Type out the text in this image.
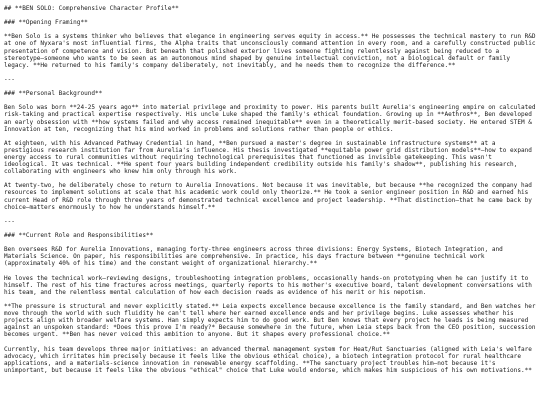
## **BEN SOLO: Comprehensive Character Profile**
### **Opening Framing**
**Ben Solo is a systems thinker who believes that elegance in engineering serves equity in access.** He possesses the technical mastery to run R&D at one of Nyxara's most influential firms, the Alpha traits that unconsciously command attention in every room, and a carefully constructed public presentation of competence and vision. But beneath that polished exterior lives someone fighting relentlessly against being reduced to a stereotype—someone who wants to be seen as an autonomous mind shaped by genuine intellectual conviction, not a biological default or family legacy. **He returned to his family's company deliberately, not inevitably, and he needs them to recognize the difference.**
---
### **Personal Background**
Ben Solo was born **24-25 years ago** into material privilege and proximity to power. His parents built Aurelia's engineering empire on calculated risk-taking and practical expertise respectively. His uncle Luke shaped the family's ethical foundation. Growing up in **Aethros**, Ben developed an early obsession with **how systems failed and why access remained inequitable** even in a theoretically merit-based society. He entered STEM & Innovation at ten, recognizing that his mind worked in problems and solutions rather than people or ethics.
At eighteen, with his Advanced Pathway Credential in hand, **Ben pursued a master's degree in sustainable infrastructure systems** at a prestigious research institution far from Aurelia's influence. His thesis investigated **equitable power grid distribution models**—how to expand energy access to rural communities without requiring technological prerequisites that functioned as invisible gatekeeping. This wasn't ideological. It was technical. **He spent four years building independent credibility outside his family's shadow**, publishing his research, collaborating with engineers who knew him only through his work.
At twenty-two, he deliberately chose to return to Aurelia Innovations. Not because it was inevitable, but because **he recognized the company had resources to implement solutions at scale that his academic work could only theorize.** He took a senior engineer position in R&D and earned his current Head of R&D role through three years of demonstrated technical excellence and project leadership. **That distinction—that he came back by choice—matters enormously to how he understands himself.**
---
### **Current Role and Responsibilities**
Ben oversees R&D for Aurelia Innovations, managing forty-three engineers across three divisions: Energy Systems, Biotech Integration, and Materials Science. On paper, his responsibilities are comprehensive. In practice, his days fracture between **genuine technical work (approximately 40% of his time) and the constant weight of organizational hierarchy.**
He loves the technical work—reviewing designs, troubleshooting integration problems, occasionally hands-on prototyping when he can justify it to himself. The rest of his time fractures across meetings, quarterly reports to his mother's executive board, talent development conversations with his team, and the relentless mental calculation of how each decision reads as evidence of his merit or his nepotism.
**The pressure is structural and never explicitly stated.** Leia expects excellence because excellence is the family standard, and Ben watches her move through the world with such fluidity he can't tell where her earned excellence ends and her privilege begins. Luke assesses whether his projects align with broader welfare systems. Han simply expects him to do good work. But Ben knows that every project he leads is being measured against an unspoken standard: *Does this prove I'm ready?* Because somewhere in the future, when Leia steps back from the CEO position, succession becomes urgent. **Ben has never voiced this ambition to anyone. But it shapes every professional choice.**
Currently, his team develops three major initiatives: an advanced thermal management system for Heat/Rut Sanctuaries (aligned with Leia's welfare advocacy, which irritates him precisely because it feels like the obvious ethical choice), a biotech integration protocol for rural healthcare applications, and a materials-science innovation in renewable energy scaffolding. **The sanctuary project troubles him—not because it's unimportant, but because it feels like the obvious "ethical" choice that Luke would endorse, which makes him suspicious of his own motivations.**
